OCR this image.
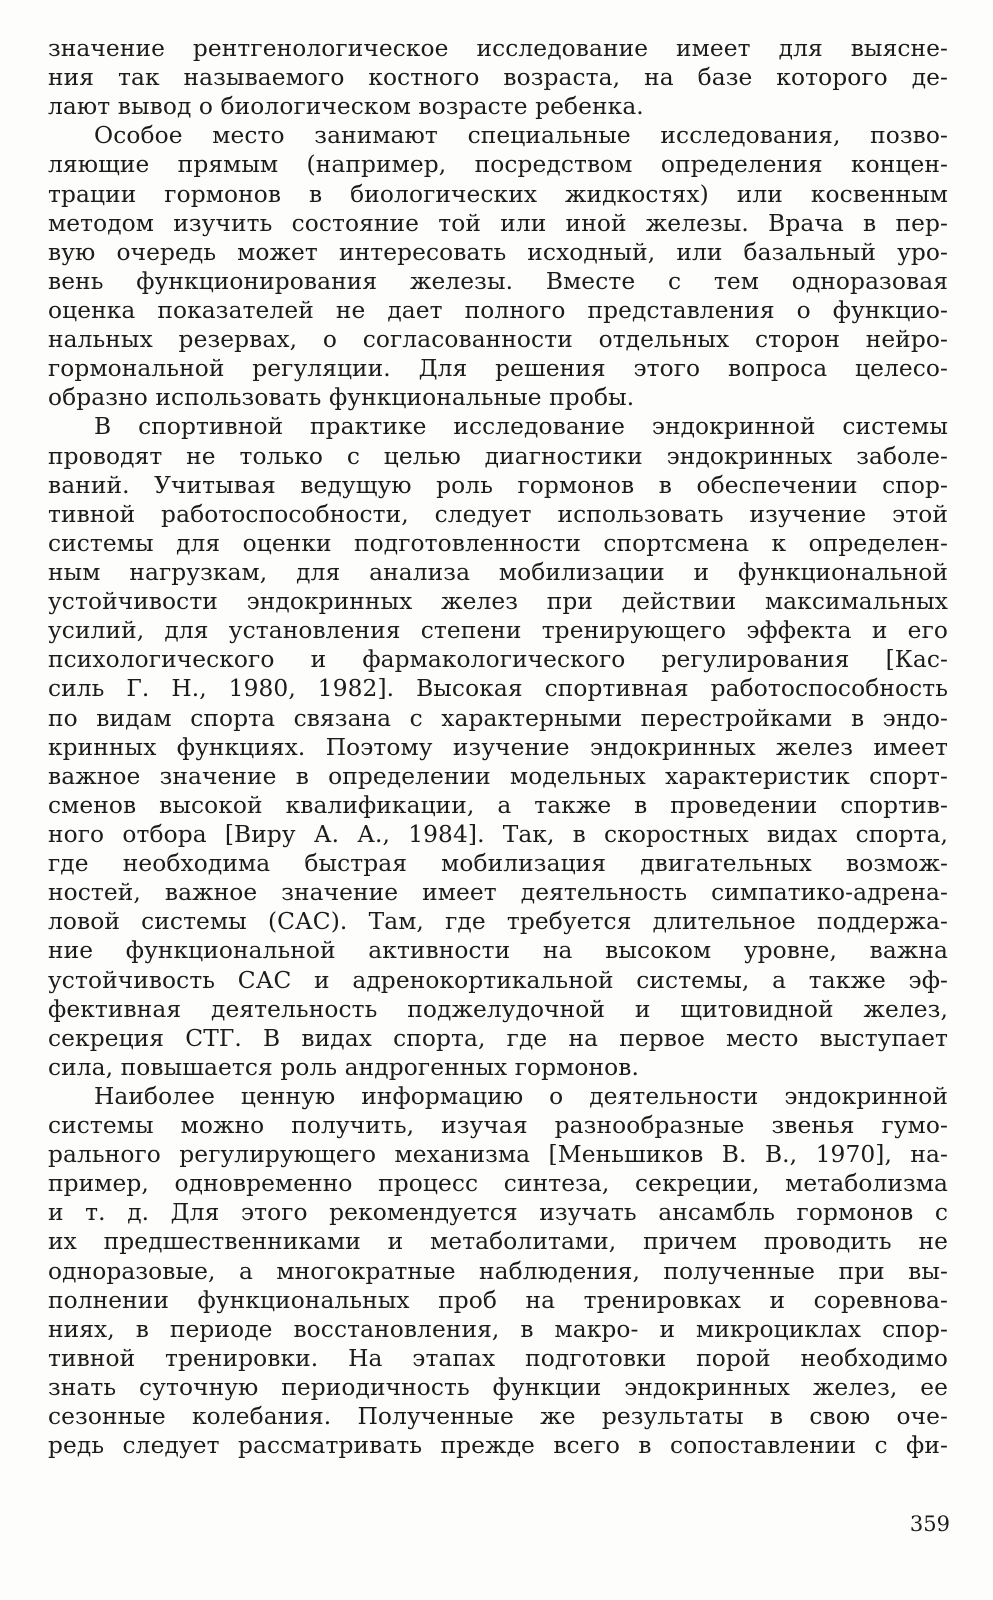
значение рентгенологическое исследование имеет для выясне-
ния так называемого костного возраста, на базе которого де-
лают вывод о биологическом возрасте ребенка.
Особое место занимают специальные исследования, позво-
ляющие прямым (например, посредством определения концен-
трации гормонов в биологических жидкостях) или косвенным
методом изучить состояние той или иной железы. Врача в пер-
вую очередь может интересовать исходный, или базальный уро-
вень функционирования железы. Вместе с тем одноразовая
оценка показателей не дает полного представления о функцио-
нальных резервах, о согласованности отдельных сторон нейро-
гормональной регуляции. Для решения этого вопроса целесо-
образно использовать функциональные пробы.
В спортивной практике исследование эндокринной системы
проводят не только с целью диагностики эндокринных заболе-
ваний. Учитывая ведущую роль гормонов в обеспечении спор-
тивной работоспособности, следует использовать изучение этой
системы для оценки подготовленности спортсмена к определен-
ным нагрузкам, для анализа мобилизации и функциональной
устойчивости эндокринных желез при действии максимальных
усилий, для установления степени тренирующего эффекта и его
психологического и фармакологического регулирования [Кас-
силь Г. Н., 1980, 1982]. Высокая спортивная работоспособность
по видам спорта связана с характерными перестройками в эндо-
кринных функциях. Поэтому изучение эндокринных желез имеет
важное значение в определении модельных характеристик спорт-
сменов высокой квалификации, а также в проведении спортив-
ного отбора [Виру А. А., 1984]. Так, в скоростных видах спорта,
где необходима быстрая мобилизация двигательных возмож-
ностей, важное значение имеет деятельность симпатико-адрена-
ловой системы (САС). Там, где требуется длительное поддержа-
ние функциональной активности на высоком уровне, важна
устойчивость САС и адренокортикальной системы, а также эф-
фективная деятельность поджелудочной и щитовидной желез,
секреция СТГ. В видах спорта, где на первое место выступает
сила, повышается роль андрогенных гормонов.
Наиболее ценную информацию о деятельности эндокринной
системы можно получить, изучая разнообразные звенья гумо-
рального регулирующего механизма [Меньшиков В. В., 1970], на-
пример, одновременно процесс синтеза, секреции, метаболизма
и т. д. Для этого рекомендуется изучать ансамбль гормонов с
их предшественниками и метаболитами, причем проводить не
одноразовые, а многократные наблюдения, полученные при вы-
полнении функциональных проб на тренировках и соревнова-
ниях, в периоде восстановления, в макро- и микроциклах спор-
тивной тренировки. На этапах подготовки порой необходимо
знать суточную периодичность функции эндокринных желез, ее
сезонные колебания. Полученные же результаты в свою оче-
редь следует рассматривать прежде всего в сопоставлении с фи-
359
